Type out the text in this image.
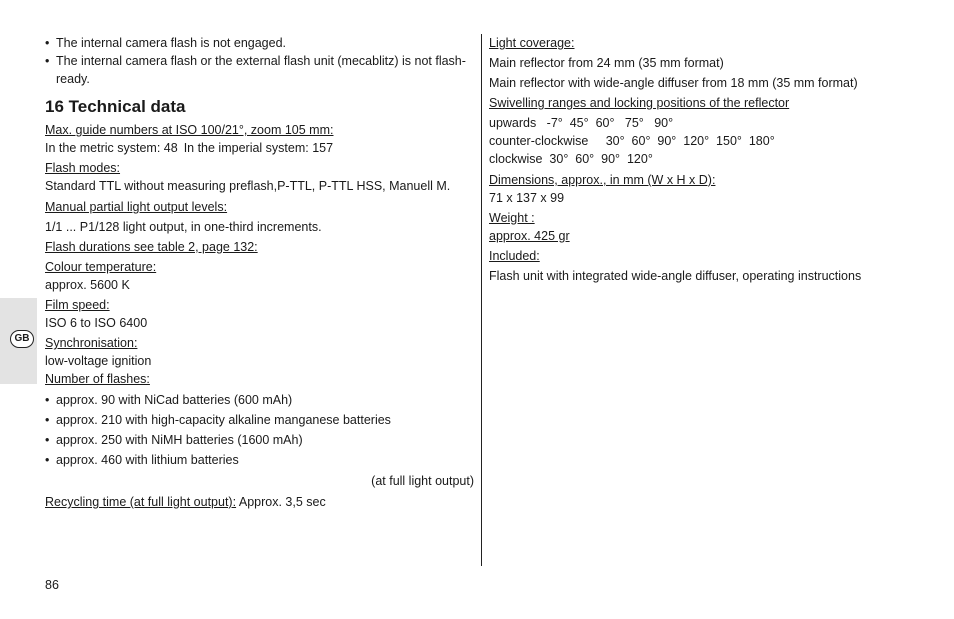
GB
• The internal camera flash is not engaged.
• The internal camera flash or the external flash unit (mecablitz) is not flash-ready.
16 Technical data
Max. guide numbers at ISO 100/21°, zoom 105 mm:
In the metric system: 48 In the imperial system: 157
Flash modes:
Standard TTL without measuring preflash,P-TTL, P-TTL HSS, Manuell M.
Manual partial light output levels:
1/1 ... P1/128 light output, in one-third increments.
Flash durations see table 2, page 132:
Colour temperature:
approx. 5600 K
Film speed:
ISO 6 to ISO 6400
Synchronisation:
low-voltage ignition
Number of flashes:
• approx. 90 with NiCad batteries (600 mAh)
• approx. 210 with high-capacity alkaline manganese batteries
• approx. 250 with NiMH batteries (1600 mAh)
• approx. 460 with lithium batteries
(at full light output)
Recycling time (at full light output): Approx. 3,5 sec
Light coverage:
Main reflector from 24 mm (35 mm format)
Main reflector with wide-angle diffuser from 18 mm (35 mm format)
Swivelling ranges and locking positions of the reflector
upwards   -7°  45°  60°   75°   90°
counter-clockwise     30°  60°  90°  120°  150°  180°
clockwise  30°  60°  90°  120°
Dimensions, approx., in mm (W x H x D):
71 x 137 x 99
Weight :
approx. 425 gr
Included:
Flash unit with integrated wide-angle diffuser, operating instructions
86
